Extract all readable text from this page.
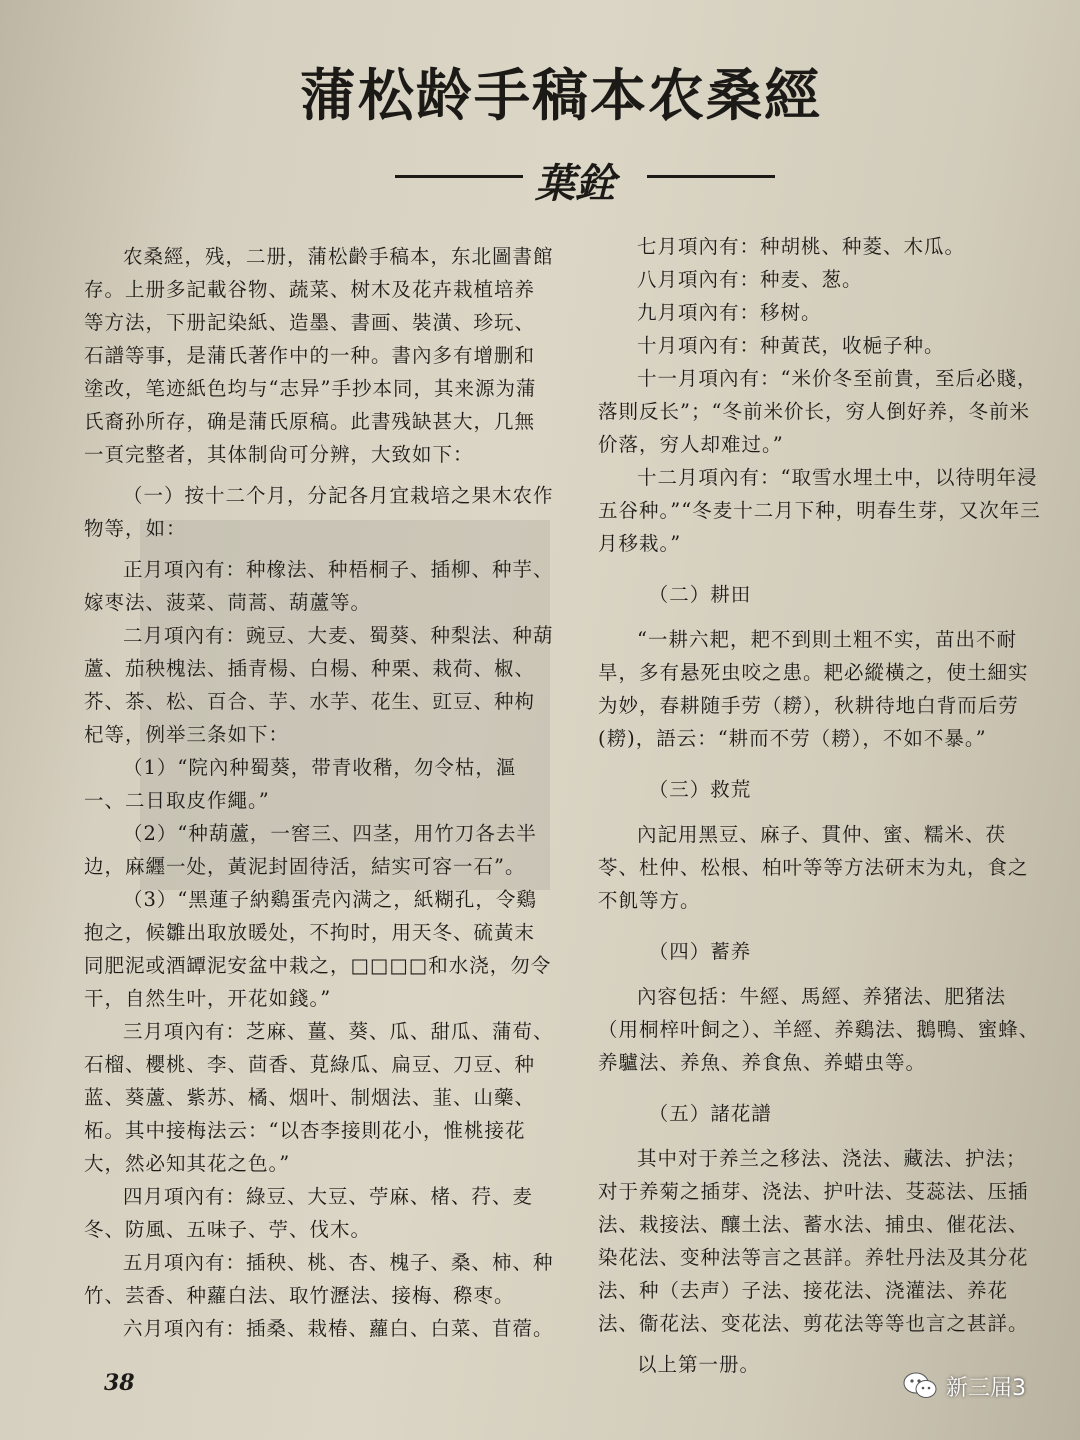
蒲松龄手稿本农桑經
葉銓

农桑經，残，二册，蒲松齡手稿本，东北圖書館存。上册多記載谷物、蔬菜、树木及花卉栽植培养等方法，下册記染紙、造墨、書画、裝潢、珍玩、石譜等事，是蒲氏著作中的一种。書內多有增删和塗改，笔迹紙色均与“志异”手抄本同，其来源为蒲氏裔孙所存，确是蒲氏原稿。此書残缺甚大，几無一頁完整者，其体制尙可分辨，大致如下：

（一）按十二个月，分記各月宜栽培之果木农作物等，如：

正月項內有：种橡法、种梧桐子、插柳、种芋、嫁枣法、菠菜、茼蒿、葫蘆等。

二月項內有：豌豆、大麦、蜀葵、种梨法、种葫蘆、茄秧槐法、插青楊、白楊、种栗、栽荷、椒、芥、茶、松、百合、芋、水芋、花生、豇豆、种枸杞等，例举三条如下：

（1）“院內种蜀葵，带青收稭，勿令枯，漚一、二日取皮作繩。”

（2）“种葫蘆，一窖三、四茎，用竹刀各去半边，麻纒一处，黃泥封固待活，結实可容一石”。

（3）“黑蓮子納鷄蛋壳內满之，紙糊孔，令鷄抱之，候雛出取放暖处，不拘时，用天冬、硫黃末同肥泥或酒罈泥安盆中栽之，□□□□和水浇，勿令干，自然生叶，开花如錢。”

三月項內有：芝麻、薑、葵、瓜、甜瓜、蒲荀、石榴、櫻桃、李、茴香、莧綠瓜、扁豆、刀豆、种蓝、葵蘆、紫苏、橘、烟叶、制烟法、韮、山藥、柘。其中接梅法云：“以杏李接則花小，惟桃接花大，然必知其花之色。”

四月項內有：綠豆、大豆、苧麻、楮、荇、麦冬、防風、五味子、苧、伐木。

五月項內有：插秧、桃、杏、槐子、桑、柿、种竹、芸香、种蘿白法、取竹瀝法、接梅、穄枣。

六月項內有：插桑、栽椿、蘿白、白菜、苜蓿。

七月項內有：种胡桃、种菱、木瓜。

八月項內有：种麦、葱。

九月項內有：移树。

十月項內有：种黃芪，收梔子种。

十一月項內有：“米价冬至前貴，至后必賤，落則反长”；“冬前米价长，穷人倒好养，冬前米价落，穷人却难过。”

十二月項內有：“取雪水埋土中，以待明年浸五谷种。”“冬麦十二月下种，明春生芽，又次年三月移栽。”

（二）耕田

“一耕六耙，耙不到則土粗不实，苗出不耐旱，多有悬死虫咬之患。耙必縱橫之，使土細实为妙，春耕随手劳（耮），秋耕待地白背而后劳(耮)，語云：“耕而不劳（耮），不如不暴。”

（三）救荒

內記用黑豆、麻子、貫仲、蜜、糯米、茯苓、杜仲、松根、柏叶等等方法研末为丸，食之不飢等方。

（四）蓄养

內容包括：牛經、馬經、养猪法、肥猪法（用桐梓叶飼之）、羊經、养鷄法、鵝鴨、蜜蜂、养驢法、养魚、养食魚、养蜡虫等。

（五）諸花譜

其中对于养兰之移法、浇法、藏法、护法；对于养菊之插芽、浇法、护叶法、芟蕊法、压插法、栽接法、釀土法、蓄水法、捕虫、催花法、染花法、变种法等言之甚詳。养牡丹法及其分花法、种（去声）子法、接花法、浇灌法、养花法、衞花法、变花法、剪花法等等也言之甚詳。

以上第一册。

38	新三届3
